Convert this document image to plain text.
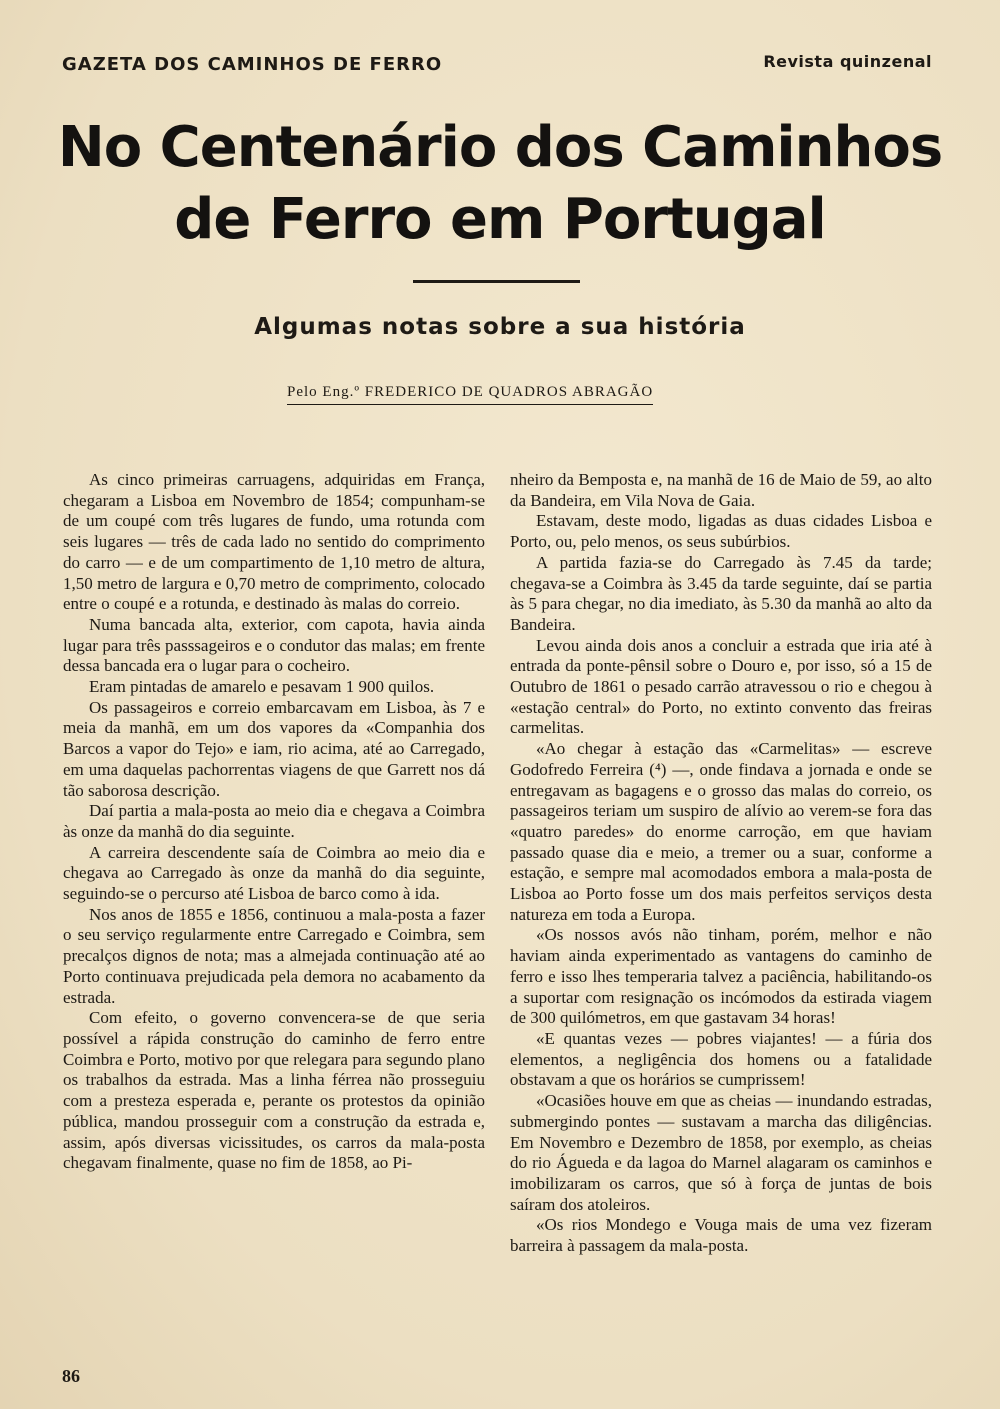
GAZETA DOS CAMINHOS DE FERRO	Revista quinzenal
No Centenário dos Caminhos
de Ferro em Portugal
Algumas notas sobre a sua história
Pelo Eng.º FREDERICO DE QUADROS ABRAGÃO

As cinco primeiras carruagens, adquiridas em França, chegaram a Lisboa em Novembro de 1854; compunham-se de um coupé com três lugares de fundo, uma rotunda com seis lugares — três de cada lado no sentido do comprimento do carro — e de um compartimento de 1,10 metro de altura, 1,50 metro de largura e 0,70 metro de comprimento, colocado entre o coupé e a rotunda, e destinado às malas do correio.

Numa bancada alta, exterior, com capota, havia ainda lugar para três passsageiros e o condutor das malas; em frente dessa bancada era o lugar para o cocheiro.

Eram pintadas de amarelo e pesavam 1 900 quilos.

Os passageiros e correio embarcavam em Lisboa, às 7 e meia da manhã, em um dos vapores da «Companhia dos Barcos a vapor do Tejo» e iam, rio acima, até ao Carregado, em uma daquelas pachorrentas viagens de que Garrett nos dá tão saborosa descrição.

Daí partia a mala-posta ao meio dia e chegava a Coimbra às onze da manhã do dia seguinte.

A carreira descendente saía de Coimbra ao meio dia e chegava ao Carregado às onze da manhã do dia seguinte, seguindo-se o percurso até Lisboa de barco como à ida.

Nos anos de 1855 e 1856, continuou a mala-posta a fazer o seu serviço regularmente entre Carregado e Coimbra, sem precalços dignos de nota; mas a almejada continuação até ao Porto continuava prejudicada pela demora no acabamento da estrada.

Com efeito, o governo convencera-se de que seria possível a rápida construção do caminho de ferro entre Coimbra e Porto, motivo por que relegara para segundo plano os trabalhos da estrada. Mas a linha férrea não prosseguiu com a presteza esperada e, perante os protestos da opinião pública, mandou prosseguir com a construção da estrada e, assim, após diversas vicissitudes, os carros da mala-posta chegavam finalmente, quase no fim de 1858, ao Pi-

nheiro da Bemposta e, na manhã de 16 de Maio de 59, ao alto da Bandeira, em Vila Nova de Gaia.

Estavam, deste modo, ligadas as duas cidades Lisboa e Porto, ou, pelo menos, os seus subúrbios.

A partida fazia-se do Carregado às 7.45 da tarde; chegava-se a Coimbra às 3.45 da tarde seguinte, daí se partia às 5 para chegar, no dia imediato, às 5.30 da manhã ao alto da Bandeira.

Levou ainda dois anos a concluir a estrada que iria até à entrada da ponte-pênsil sobre o Douro e, por isso, só a 15 de Outubro de 1861 o pesado carrão atravessou o rio e chegou à «estação central» do Porto, no extinto convento das freiras carmelitas.

«Ao chegar à estação das «Carmelitas» — escreve Godofredo Ferreira (⁴) —, onde findava a jornada e onde se entregavam as bagagens e o grosso das malas do correio, os passageiros teriam um suspiro de alívio ao verem-se fora das «quatro paredes» do enorme carroção, em que haviam passado quase dia e meio, a tremer ou a suar, conforme a estação, e sempre mal acomodados embora a mala-posta de Lisboa ao Porto fosse um dos mais perfeitos serviços desta natureza em toda a Europa.

«Os nossos avós não tinham, porém, melhor e não haviam ainda experimentado as vantagens do caminho de ferro e isso lhes temperaria talvez a paciência, habilitando-os a suportar com resignação os incómodos da estirada viagem de 300 quilómetros, em que gastavam 34 horas!

«E quantas vezes — pobres viajantes! — a fúria dos elementos, a negligência dos homens ou a fatalidade obstavam a que os horários se cumprissem!

«Ocasiões houve em que as cheias — inundando estradas, submergindo pontes — sustavam a marcha das diligências. Em Novembro e Dezembro de 1858, por exemplo, as cheias do rio Águeda e da lagoa do Marnel alagaram os caminhos e imobilizaram os carros, que só à força de juntas de bois saíram dos atoleiros.

«Os rios Mondego e Vouga mais de uma vez fizeram barreira à passagem da mala-posta.

86
